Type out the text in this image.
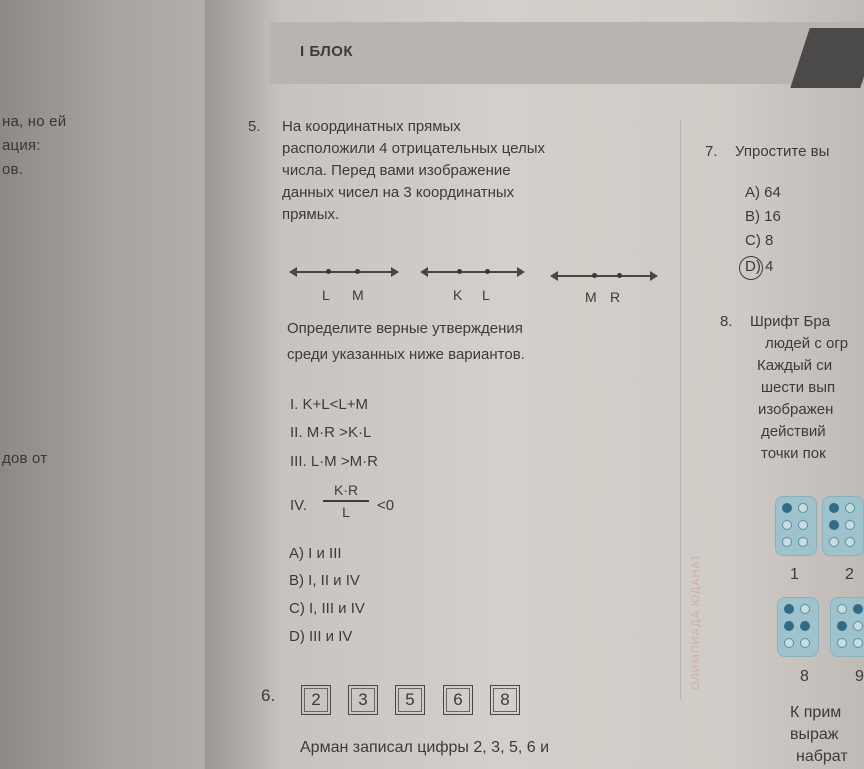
на, но ей
ация:
ов.
дов от
I БЛОК
5. На координатных прямых
расположили 4 отрицательных целых
числа. Перед вами изображение
данных чисел на 3 координатных
прямых.
L M	K L	M R
Определите верные утверждения
среди указанных ниже вариантов.
I. K+L<L+M
II. M·R >K·L
III. L·M >M·R
IV.
K·R
L	<0
A) I и III
B) I, II и IV
C) I, III и IV
D) III и IV
6.	2	3	5	6	8
Арман записал цифры 2, 3, 5, 6 и
7. Упростите вы
A) 64
B) 16
C) 8
D) 4
8. Шрифт Бра
людей с огр
Каждый си
шести вып
изображен
действий
точки пок
1	2
8	9
К прим
выраж
набрат
ОЛИМПИАДА ЮДАНАТ
